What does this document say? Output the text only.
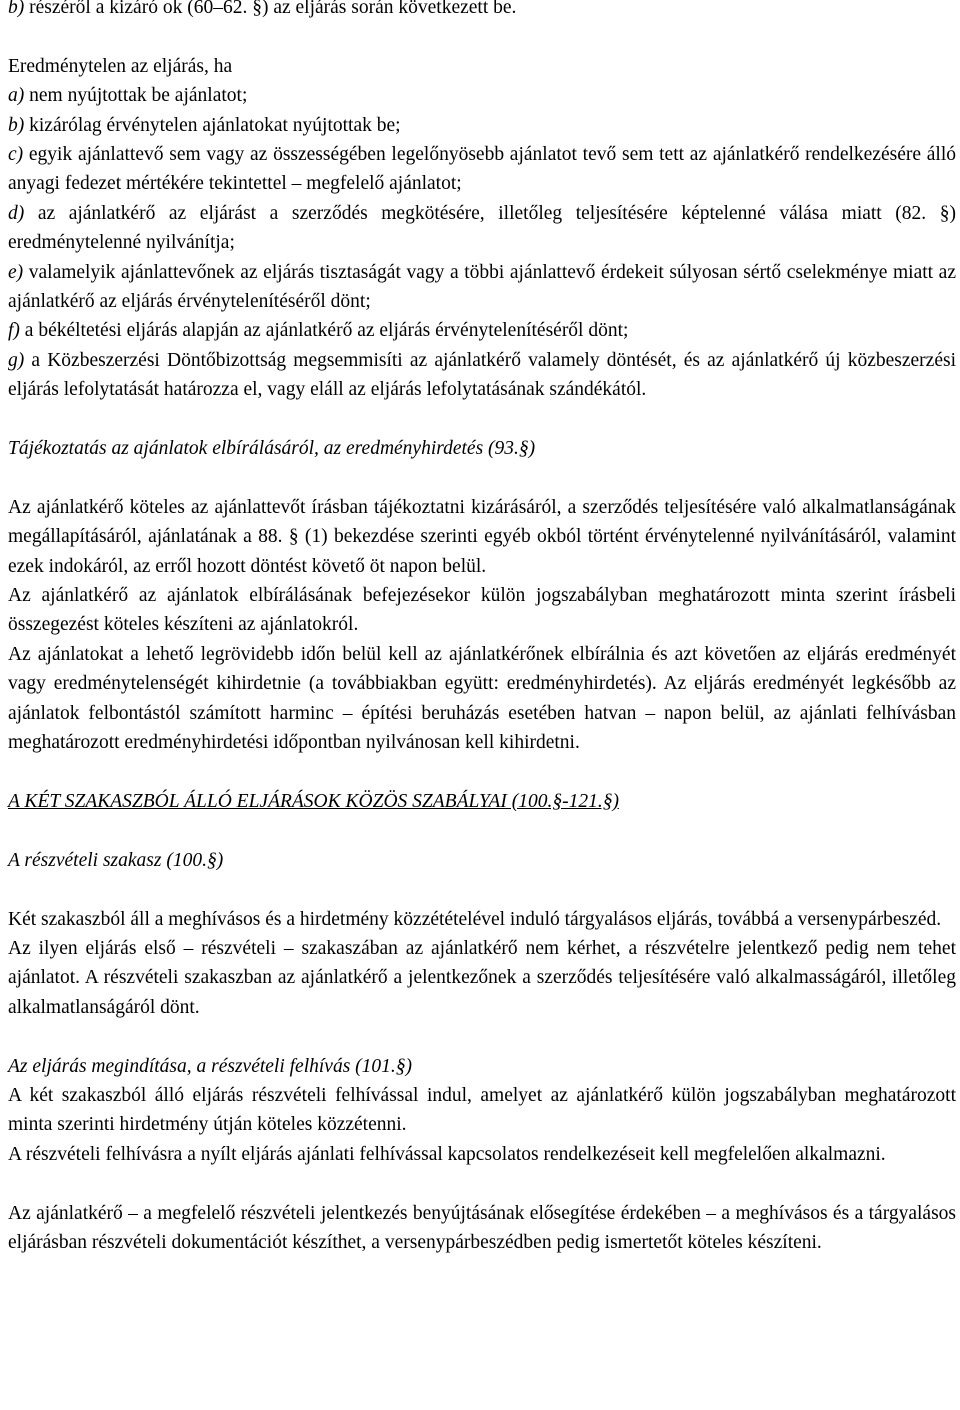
b) részéről a kizáró ok (60–62. §) az eljárás során következett be.

Eredménytelen az eljárás, ha

a) nem nyújtottak be ajánlatot;

b) kizárólag érvénytelen ajánlatokat nyújtottak be;

c) egyik ajánlattevő sem vagy az összességében legelőnyösebb ajánlatot tevő sem tett az ajánlatkérő rendelkezésére álló anyagi fedezet mértékére tekintettel – megfelelő ajánlatot;

d) az ajánlatkérő az eljárást a szerződés megkötésére, illetőleg teljesítésére képtelenné válása miatt (82. §) eredménytelenné nyilvánítja;

e) valamelyik ajánlattevőnek az eljárás tisztaságát vagy a többi ajánlattevő érdekeit súlyosan sértő cselekménye miatt az ajánlatkérő az eljárás érvénytelenítéséről dönt;

f) a békéltetési eljárás alapján az ajánlatkérő az eljárás érvénytelenítéséről dönt;

g) a Közbeszerzési Döntőbizottság megsemmisíti az ajánlatkérő valamely döntését, és az ajánlatkérő új közbeszerzési eljárás lefolytatását határozza el, vagy eláll az eljárás lefolytatásának szándékától.

Tájékoztatás az ajánlatok elbírálásáról, az eredményhirdetés (93.§)

Az ajánlatkérő köteles az ajánlattevőt írásban tájékoztatni kizárásáról, a szerződés teljesítésére való alkalmatlanságának megállapításáról, ajánlatának a 88. § (1) bekezdése szerinti egyéb okból történt érvénytelenné nyilvánításáról, valamint ezek indokáról, az erről hozott döntést követő öt napon belül.

Az ajánlatkérő az ajánlatok elbírálásának befejezésekor külön jogszabályban meghatározott minta szerint írásbeli összegezést köteles készíteni az ajánlatokról.

Az ajánlatokat a lehető legrövidebb időn belül kell az ajánlatkérőnek elbírálnia és azt követően az eljárás eredményét vagy eredménytelenségét kihirdetnie (a továbbiakban együtt: eredményhirdetés). Az eljárás eredményét legkésőbb az ajánlatok felbontástól számított harminc – építési beruházás esetében hatvan – napon belül, az ajánlati felhívásban meghatározott eredményhirdetési időpontban nyilvánosan kell kihirdetni.

A KÉT SZAKASZBÓL ÁLLÓ ELJÁRÁSOK KÖZÖS SZABÁLYAI (100.§-121.§)

A részvételi szakasz (100.§)

Két szakaszból áll a meghívásos és a hirdetmény közzétételével induló tárgyalásos eljárás, továbbá a versenypárbeszéd.

Az ilyen eljárás első – részvételi – szakaszában az ajánlatkérő nem kérhet, a részvételre jelentkező pedig nem tehet ajánlatot. A részvételi szakaszban az ajánlatkérő a jelentkezőnek a szerződés teljesítésére való alkalmasságáról, illetőleg alkalmatlanságáról dönt.

Az eljárás megindítása, a részvételi felhívás (101.§)

A két szakaszból álló eljárás részvételi felhívással indul, amelyet az ajánlatkérő külön jogszabályban meghatározott minta szerinti hirdetmény útján köteles közzétenni.

A részvételi felhívásra a nyílt eljárás ajánlati felhívással kapcsolatos rendelkezéseit kell megfelelően alkalmazni.

Az ajánlatkérő – a megfelelő részvételi jelentkezés benyújtásának elősegítése érdekében – a meghívásos és a tárgyalásos eljárásban részvételi dokumentációt készíthet, a versenypárbeszédben pedig ismertetőt köteles készíteni.
